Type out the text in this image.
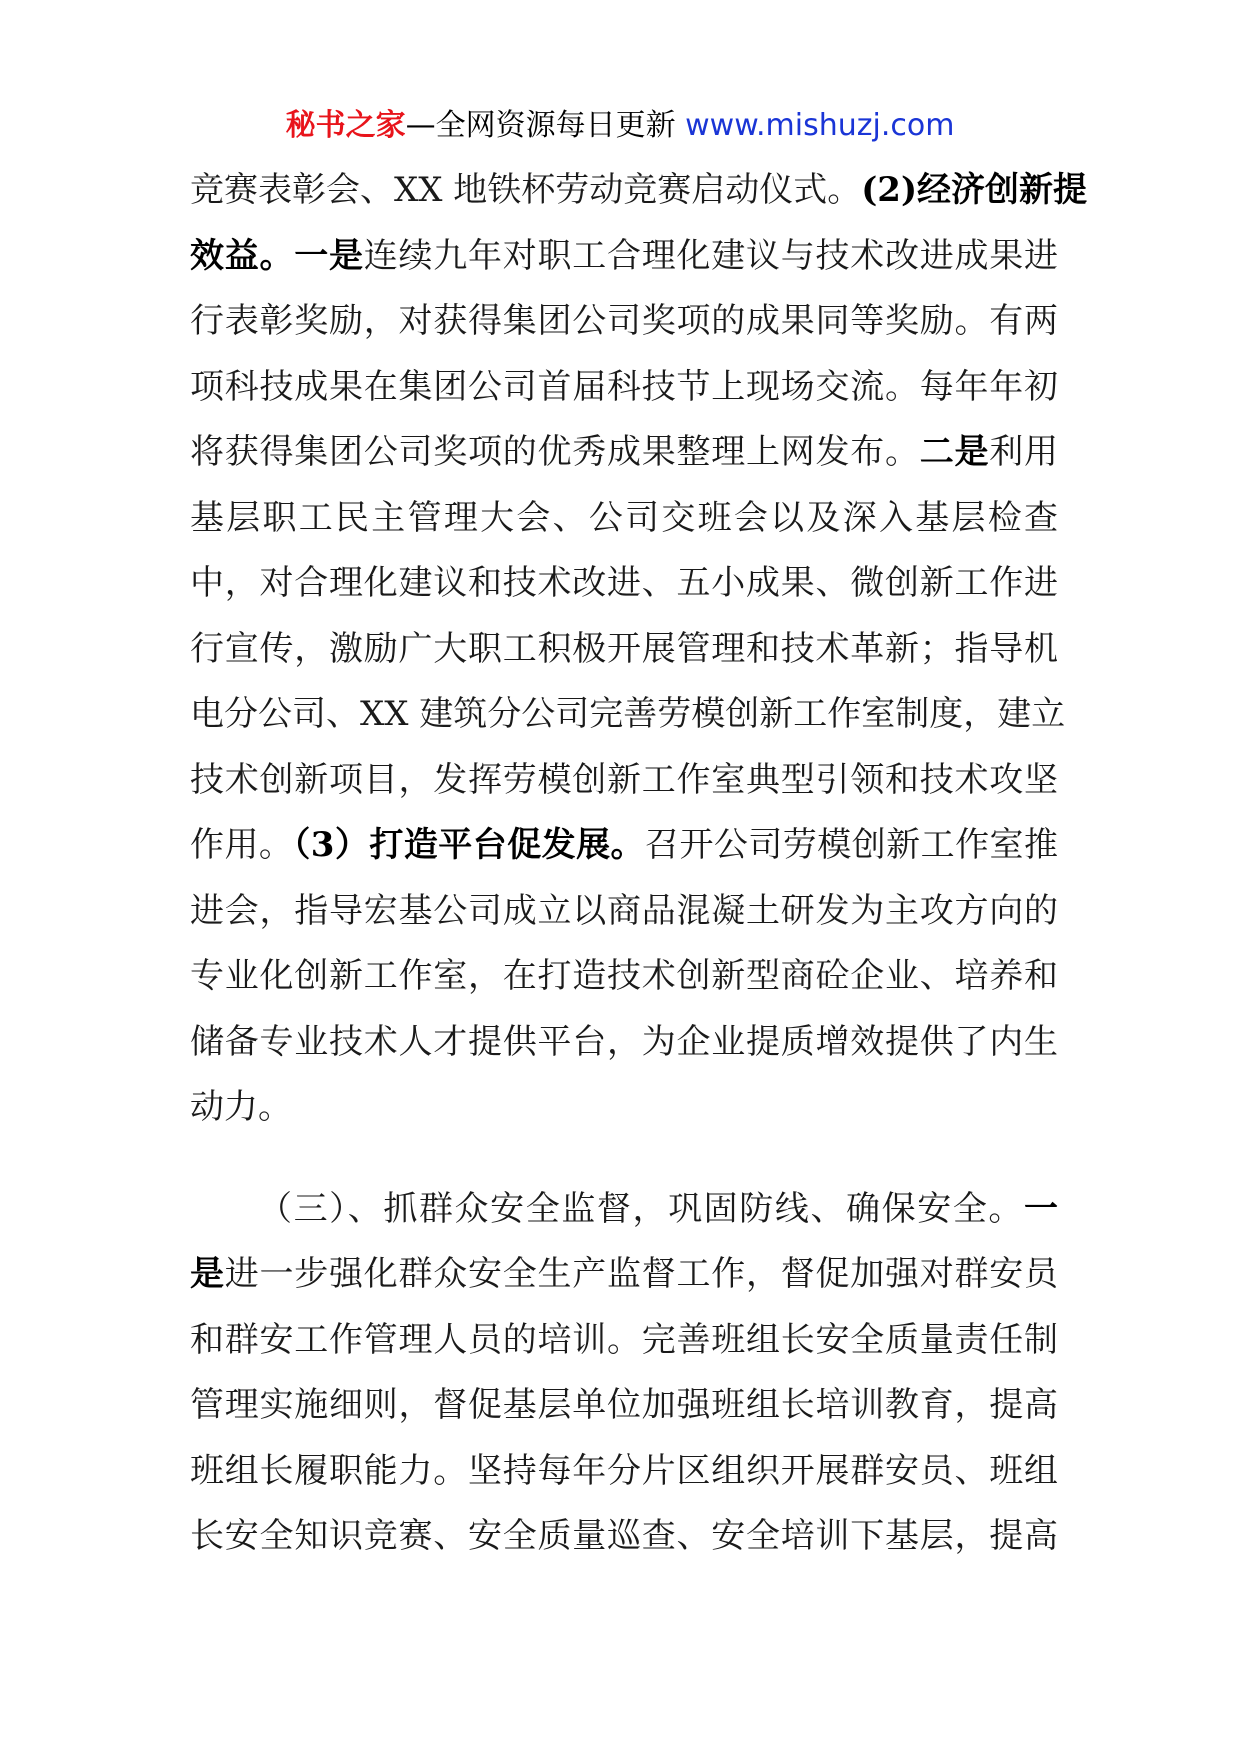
秘书之家—全网资源每日更新 www.mishuzj.com
竞赛表彰会、XX 地铁杯劳动竞赛启动仪式。(2)经济创新提
效益。一是连续九年对职工合理化建议与技术改进成果进
行表彰奖励，对获得集团公司奖项的成果同等奖励。有两
项科技成果在集团公司首届科技节上现场交流。每年年初
将获得集团公司奖项的优秀成果整理上网发布。二是利用
基层职工民主管理大会、公司交班会以及深入基层检查
中，对合理化建议和技术改进、五小成果、微创新工作进
行宣传，激励广大职工积极开展管理和技术革新；指导机
电分公司、XX 建筑分公司完善劳模创新工作室制度，建立
技术创新项目，发挥劳模创新工作室典型引领和技术攻坚
作用。（3）打造平台促发展。召开公司劳模创新工作室推
进会，指导宏基公司成立以商品混凝土研发为主攻方向的
专业化创新工作室，在打造技术创新型商砼企业、培养和
储备专业技术人才提供平台，为企业提质增效提供了内生
动力。
（三）、抓群众安全监督，巩固防线、确保安全。一
是进一步强化群众安全生产监督工作，督促加强对群安员
和群安工作管理人员的培训。完善班组长安全质量责任制
管理实施细则，督促基层单位加强班组长培训教育，提高
班组长履职能力。坚持每年分片区组织开展群安员、班组
长安全知识竞赛、安全质量巡查、安全培训下基层，提高
